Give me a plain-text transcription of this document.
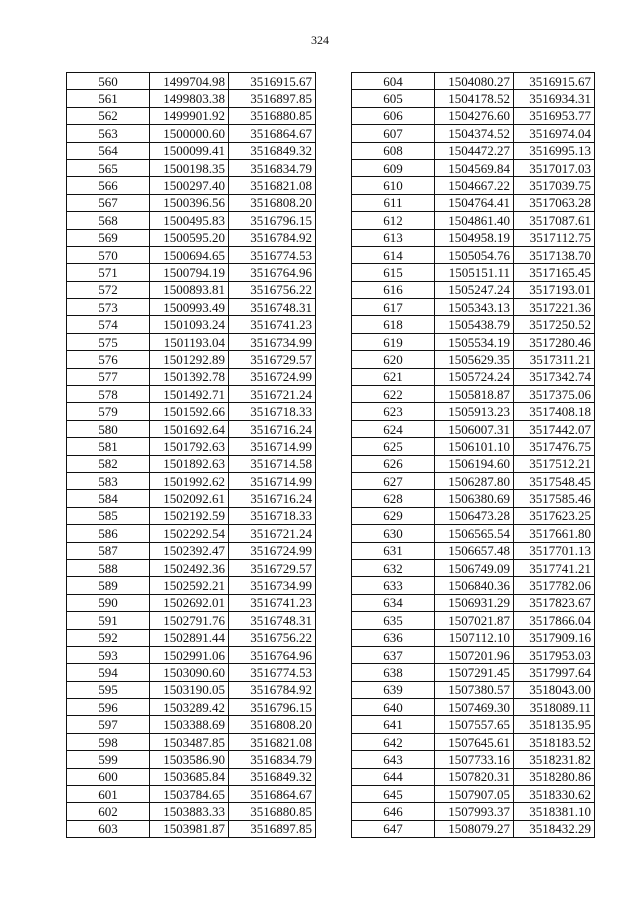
324
560	1499704.98	3516915.67
561	1499803.38	3516897.85
562	1499901.92	3516880.85
563	1500000.60	3516864.67
564	1500099.41	3516849.32
565	1500198.35	3516834.79
566	1500297.40	3516821.08
567	1500396.56	3516808.20
568	1500495.83	3516796.15
569	1500595.20	3516784.92
570	1500694.65	3516774.53
571	1500794.19	3516764.96
572	1500893.81	3516756.22
573	1500993.49	3516748.31
574	1501093.24	3516741.23
575	1501193.04	3516734.99
576	1501292.89	3516729.57
577	1501392.78	3516724.99
578	1501492.71	3516721.24
579	1501592.66	3516718.33
580	1501692.64	3516716.24
581	1501792.63	3516714.99
582	1501892.63	3516714.58
583	1501992.62	3516714.99
584	1502092.61	3516716.24
585	1502192.59	3516718.33
586	1502292.54	3516721.24
587	1502392.47	3516724.99
588	1502492.36	3516729.57
589	1502592.21	3516734.99
590	1502692.01	3516741.23
591	1502791.76	3516748.31
592	1502891.44	3516756.22
593	1502991.06	3516764.96
594	1503090.60	3516774.53
595	1503190.05	3516784.92
596	1503289.42	3516796.15
597	1503388.69	3516808.20
598	1503487.85	3516821.08
599	1503586.90	3516834.79
600	1503685.84	3516849.32
601	1503784.65	3516864.67
602	1503883.33	3516880.85
603	1503981.87	3516897.85
604	1504080.27	3516915.67
605	1504178.52	3516934.31
606	1504276.60	3516953.77
607	1504374.52	3516974.04
608	1504472.27	3516995.13
609	1504569.84	3517017.03
610	1504667.22	3517039.75
611	1504764.41	3517063.28
612	1504861.40	3517087.61
613	1504958.19	3517112.75
614	1505054.76	3517138.70
615	1505151.11	3517165.45
616	1505247.24	3517193.01
617	1505343.13	3517221.36
618	1505438.79	3517250.52
619	1505534.19	3517280.46
620	1505629.35	3517311.21
621	1505724.24	3517342.74
622	1505818.87	3517375.06
623	1505913.23	3517408.18
624	1506007.31	3517442.07
625	1506101.10	3517476.75
626	1506194.60	3517512.21
627	1506287.80	3517548.45
628	1506380.69	3517585.46
629	1506473.28	3517623.25
630	1506565.54	3517661.80
631	1506657.48	3517701.13
632	1506749.09	3517741.21
633	1506840.36	3517782.06
634	1506931.29	3517823.67
635	1507021.87	3517866.04
636	1507112.10	3517909.16
637	1507201.96	3517953.03
638	1507291.45	3517997.64
639	1507380.57	3518043.00
640	1507469.30	3518089.11
641	1507557.65	3518135.95
642	1507645.61	3518183.52
643	1507733.16	3518231.82
644	1507820.31	3518280.86
645	1507907.05	3518330.62
646	1507993.37	3518381.10
647	1508079.27	3518432.29
